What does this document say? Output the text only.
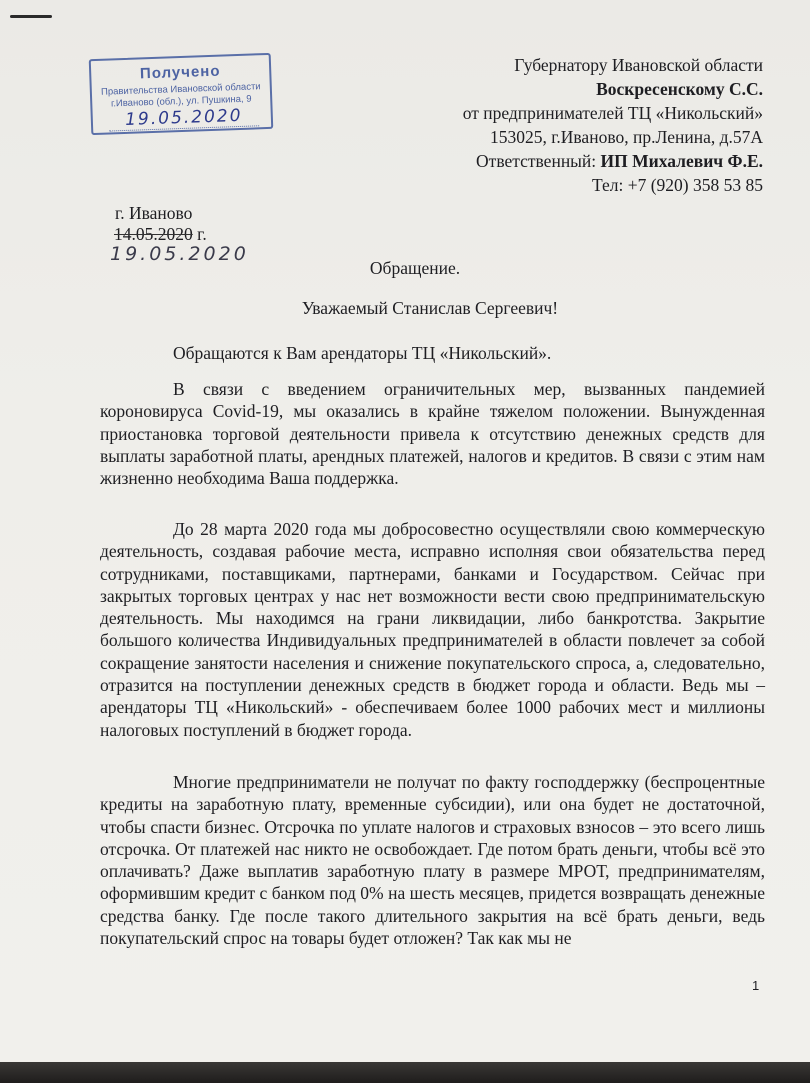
Получено
Правительства Ивановской области
г.Иваново (обл.), ул. Пушкина, 9
19.05.2020
Губернатору Ивановской области
Воскресенскому С.С.
от предпринимателей ТЦ «Никольский»
153025, г.Иваново, пр.Ленина, д.57А
Ответственный: ИП Михалевич Ф.Е.
Тел: +7 (920) 358 53 85
г. Иваново
14.05.2020 г.
19.05.2020
Обращение.
Уважаемый Станислав Сергеевич!
Обращаются к Вам арендаторы ТЦ «Никольский».
В связи с введением ограничительных мер, вызванных пандемией короновируса Covid-19, мы оказались в крайне тяжелом положении. Вынужденная приостановка торговой деятельности привела к отсутствию денежных средств для выплаты заработной платы, арендных платежей, налогов и кредитов. В связи с этим нам жизненно необходима Ваша поддержка.
До 28 марта 2020 года мы добросовестно осуществляли свою коммерческую деятельность, создавая рабочие места, исправно исполняя свои обязательства перед сотрудниками, поставщиками, партнерами, банками и Государством. Сейчас при закрытых торговых центрах у нас нет возможности вести свою предпринимательскую деятельность. Мы находимся на грани ликвидации, либо банкротства. Закрытие большого количества Индивидуальных предпринимателей в области повлечет за собой сокращение занятости населения и снижение покупательского спроса, а, следовательно, отразится на поступлении денежных средств в бюджет города и области. Ведь мы – арендаторы ТЦ «Никольский» - обеспечиваем более 1000 рабочих мест и миллионы налоговых поступлений в бюджет города.
Многие предприниматели не получат по факту господдержку (беспроцентные кредиты на заработную плату, временные субсидии), или она будет не достаточной, чтобы спасти бизнес. Отсрочка по уплате налогов и страховых взносов – это всего лишь отсрочка. От платежей нас никто не освобождает. Где потом брать деньги, чтобы всё это оплачивать? Даже выплатив заработную плату в размере МРОТ, предпринимателям, оформившим кредит с банком под 0% на шесть месяцев, придется возвращать денежные средства банку. Где после такого длительного закрытия на всё брать деньги, ведь покупательский спрос на товары будет отложен? Так как мы не
1
